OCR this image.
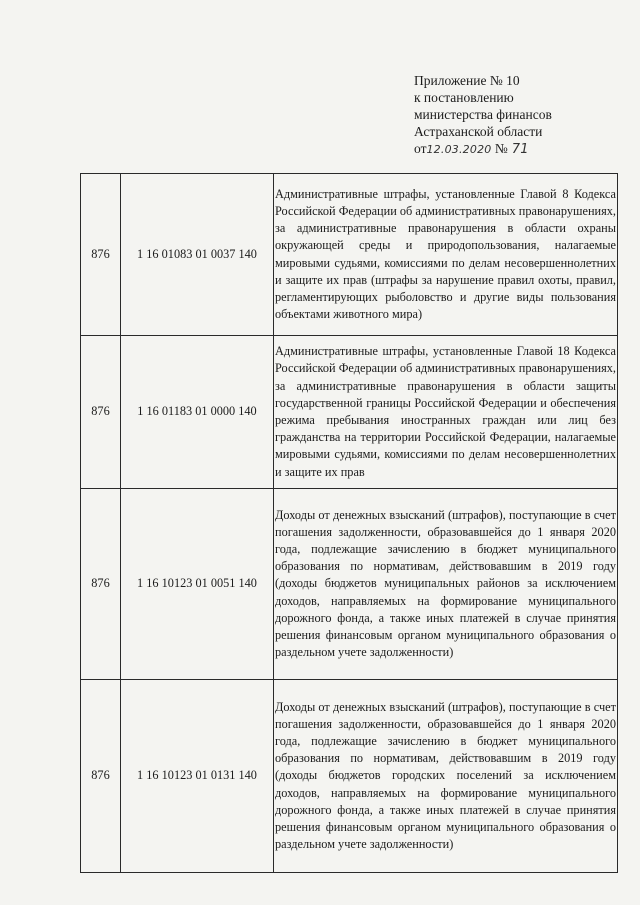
Приложение № 10
к постановлению
министерства финансов
Астраханской области
от12.03.2020 № 71
876	1 16 01083 01 0037 140	Административные штрафы, установленные Главой 8 Кодекса Российской Федерации об административных правонарушениях, за административные правонарушения в области охраны окружающей среды и природопользования, налагаемые мировыми судьями, комиссиями по делам несовершеннолетних и защите их прав (штрафы за нарушение правил охоты, правил, регламентирующих рыболовство и другие виды пользования объектами животного мира)
876	1 16 01183 01 0000 140	Административные штрафы, установленные Главой 18 Кодекса Российской Федерации об административных правонарушениях, за административные правонарушения в области защиты государственной границы Российской Федерации и обеспечения режима пребывания иностранных граждан или лиц без гражданства на территории Российской Федерации, налагаемые мировыми судьями, комиссиями по делам несовершеннолетних и защите их прав
876	1 16 10123 01 0051 140	Доходы от денежных взысканий (штрафов), поступающие в счет погашения задолженности, образовавшейся до 1 января 2020 года, подлежащие зачислению в бюджет муниципального образования по нормативам, действовавшим в 2019 году (доходы бюджетов муниципальных районов за исключением доходов, направляемых на формирование муниципального дорожного фонда, а также иных платежей в случае принятия решения финансовым органом муниципального образования о раздельном учете задолженности)
876	1 16 10123 01 0131 140	Доходы от денежных взысканий (штрафов), поступающие в счет погашения задолженности, образовавшейся до 1 января 2020 года, подлежащие зачислению в бюджет муниципального образования по нормативам, действовавшим в 2019 году (доходы бюджетов городских поселений за исключением доходов, направляемых на формирование муниципального дорожного фонда, а также иных платежей в случае принятия решения финансовым органом муниципального образования о раздельном учете задолженности)
